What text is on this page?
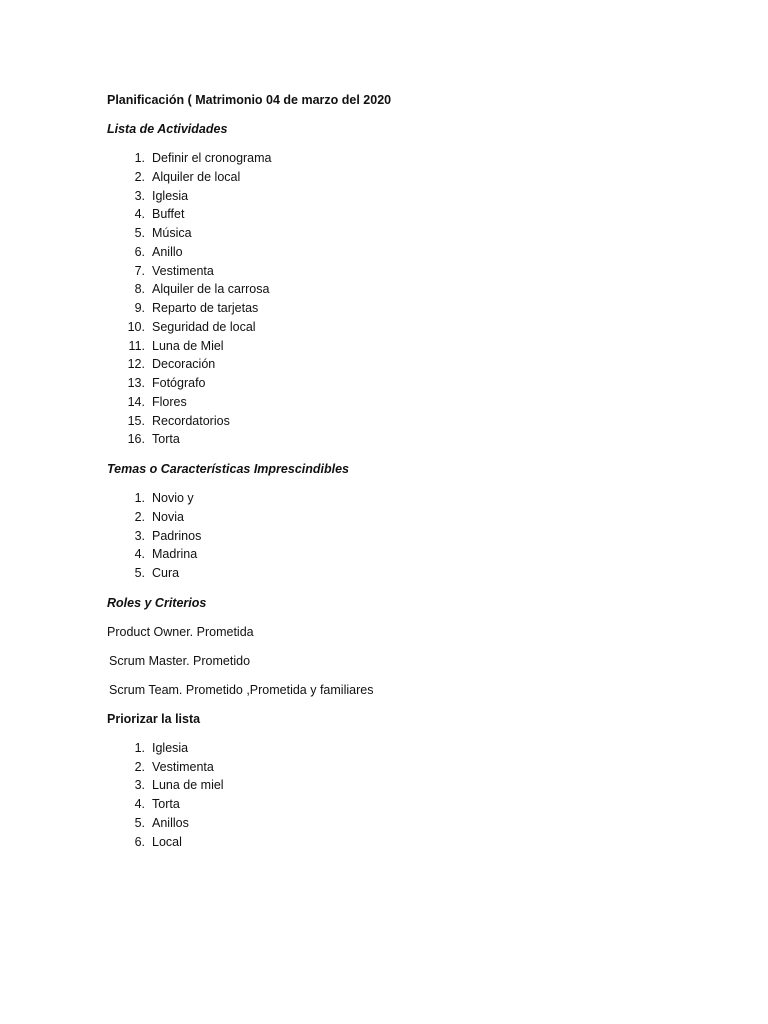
Planificación ( Matrimonio 04 de marzo del 2020
Lista de Actividades
1. Definir el cronograma
2. Alquiler de local
3. Iglesia
4. Buffet
5. Música
6. Anillo
7. Vestimenta
8. Alquiler de la carrosa
9. Reparto de tarjetas
10. Seguridad de local
11. Luna de Miel
12. Decoración
13. Fotógrafo
14. Flores
15. Recordatorios
16. Torta
Temas o Características Imprescindibles
1. Novio y
2. Novia
3. Padrinos
4. Madrina
5. Cura
Roles y Criterios
Product Owner. Prometida
Scrum Master. Prometido
Scrum Team. Prometido ,Prometida y familiares
Priorizar la lista
1. Iglesia
2. Vestimenta
3. Luna de miel
4. Torta
5. Anillos
6. Local
